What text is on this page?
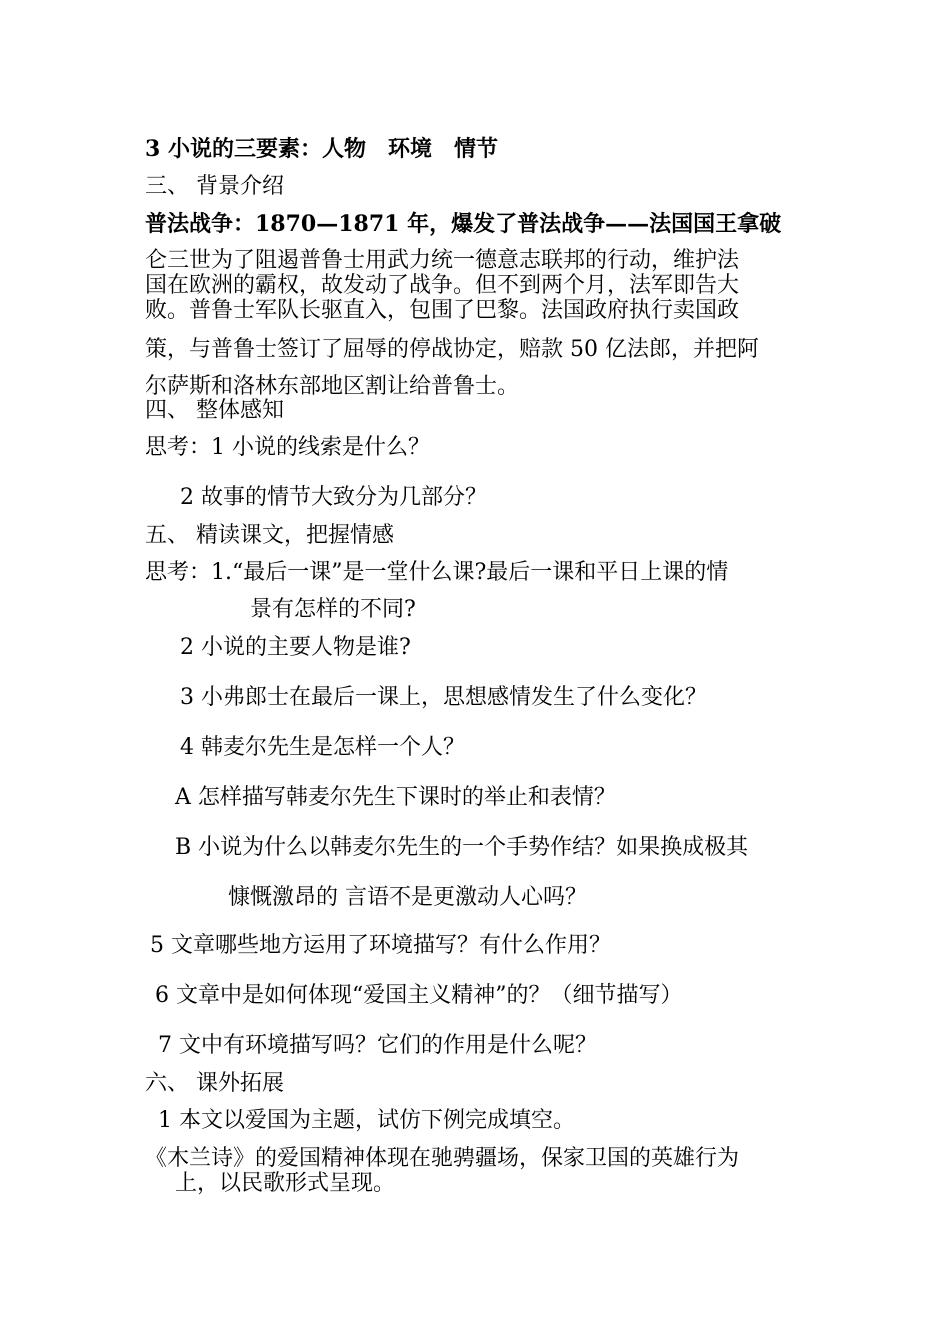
3 小说的三要素：人物　环境　情节
三、 背景介绍
普法战争：1870—1871 年，爆发了普法战争——法国国王拿破
仑三世为了阻遏普鲁士用武力统一德意志联邦的行动，维护法
国在欧洲的霸权，故发动了战争。但不到两个月，法军即告大
败。普鲁士军队长驱直入，包围了巴黎。法国政府执行卖国政
策，与普鲁士签订了屈辱的停战协定，赔款 50 亿法郎，并把阿
尔萨斯和洛林东部地区割让给普鲁士。
四、 整体感知
思考：1 小说的线索是什么？
2 故事的情节大致分为几部分？
五、 精读课文，把握情感
思考：1.“最后一课”是一堂什么课?最后一课和平日上课的情
景有怎样的不同?
2 小说的主要人物是谁?
3 小弗郎士在最后一课上，思想感情发生了什么变化？
4 韩麦尔先生是怎样一个人？
A 怎样描写韩麦尔先生下课时的举止和表情？
B 小说为什么以韩麦尔先生的一个手势作结？如果换成极其
慷慨激昂的 言语不是更激动人心吗？
5 文章哪些地方运用了环境描写？有什么作用？
6 文章中是如何体现“爱国主义精神”的？（细节描写）
7 文中有环境描写吗？它们的作用是什么呢？
六、 课外拓展
1 本文以爱国为主题，试仿下例完成填空。
《木兰诗》的爱国精神体现在驰骋疆场，保家卫国的英雄行为
上，以民歌形式呈现。
